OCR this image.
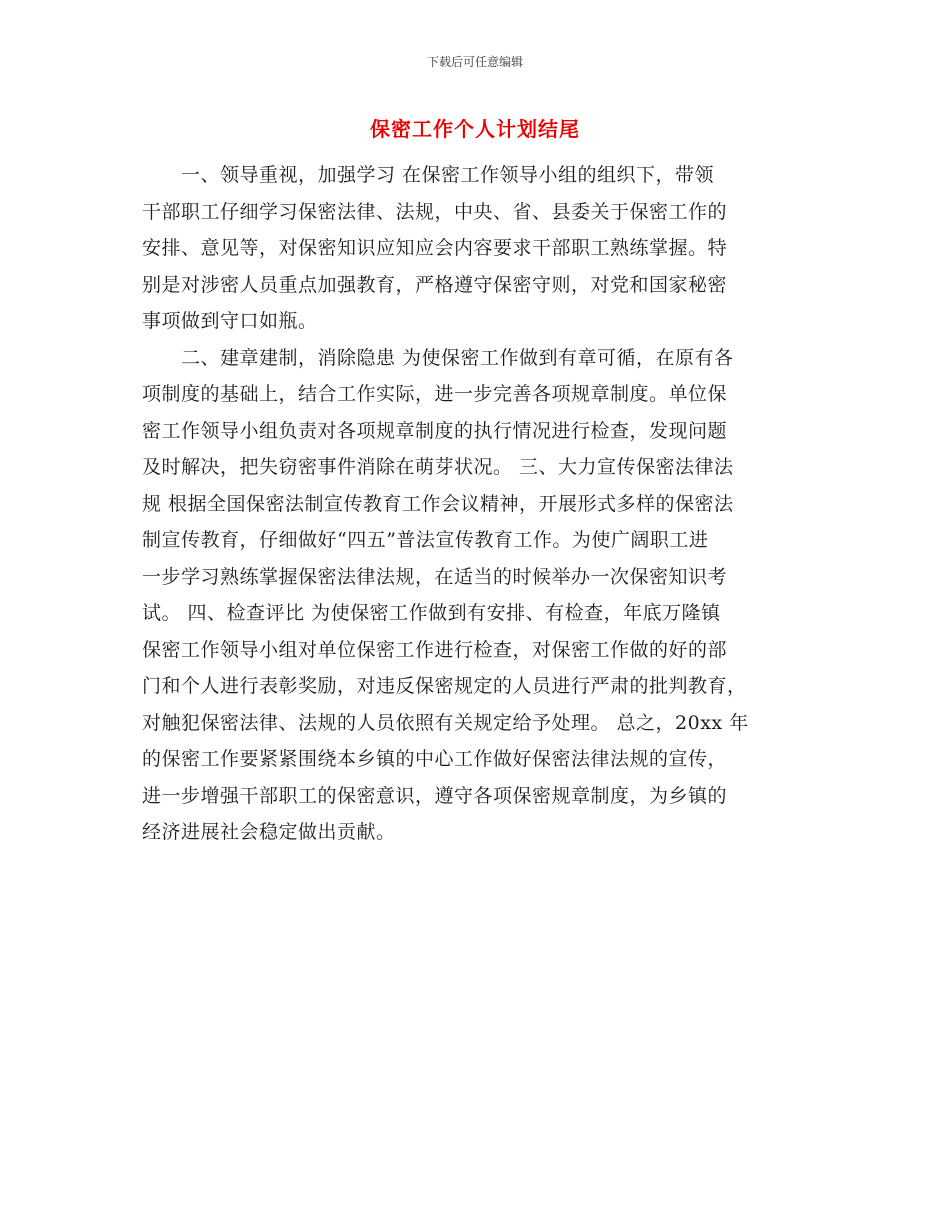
下载后可任意编辑
保密工作个人计划结尾
　　一、领导重视，加强学习 在保密工作领导小组的组织下，带领
干部职工仔细学习保密法律、法规，中央、省、县委关于保密工作的
安排、意见等，对保密知识应知应会内容要求干部职工熟练掌握。特
别是对涉密人员重点加强教育，严格遵守保密守则，对党和国家秘密
事项做到守口如瓶。
　　二、建章建制，消除隐患 为使保密工作做到有章可循，在原有各
项制度的基础上，结合工作实际，进一步完善各项规章制度。单位保
密工作领导小组负责对各项规章制度的执行情况进行检查，发现问题
及时解决，把失窃密事件消除在萌芽状况。 三、大力宣传保密法律法
规 根据全国保密法制宣传教育工作会议精神，开展形式多样的保密法
制宣传教育，仔细做好“四五”普法宣传教育工作。为使广阔职工进
一步学习熟练掌握保密法律法规，在适当的时候举办一次保密知识考
试。 四、检查评比 为使保密工作做到有安排、有检查，年底万隆镇
保密工作领导小组对单位保密工作进行检查，对保密工作做的好的部
门和个人进行表彰奖励，对违反保密规定的人员进行严肃的批判教育，
对触犯保密法律、法规的人员依照有关规定给予处理。 总之，20xx 年
的保密工作要紧紧围绕本乡镇的中心工作做好保密法律法规的宣传，
进一步增强干部职工的保密意识，遵守各项保密规章制度，为乡镇的
经济进展社会稳定做出贡献。
